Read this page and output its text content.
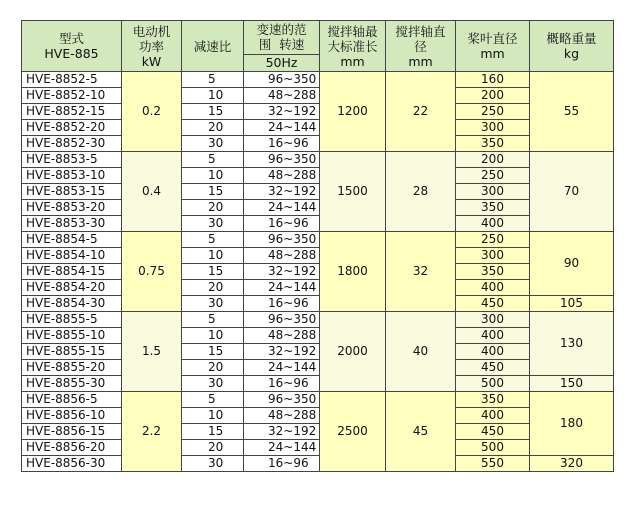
型式
HVE-885	电动机
功率
kW	减速比	变速的范
围  转速
50Hz	搅拌轴最
大标准长
mm	搅拌轴直
径
mm	桨叶直径
mm	概略重量
kg

HVE-8852-5	0.2	5	96~350	1200	22	160	55
HVE-8852-10		10	48~288			200	
HVE-8852-15		15	32~192			250	
HVE-8852-20		20	24~144			300	
HVE-8852-30		30	16~96			350	
HVE-8853-5	0.4	5	96~350	1500	28	200	70
HVE-8853-10		10	48~288			250	
HVE-8853-15		15	32~192			300	
HVE-8853-20		20	24~144			350	
HVE-8853-30		30	16~96			400	
HVE-8854-5	0.75	5	96~350	1800	32	250	90
HVE-8854-10		10	48~288			300	
HVE-8854-15		15	32~192			350	
HVE-8854-20		20	24~144			400	
HVE-8854-30		30	16~96			450	105
HVE-8855-5	1.5	5	96~350	2000	40	300	130
HVE-8855-10		10	48~288			400	
HVE-8855-15		15	32~192			400	
HVE-8855-20		20	24~144			450	
HVE-8855-30		30	16~96			500	150
HVE-8856-5	2.2	5	96~350	2500	45	350	180
HVE-8856-10		10	48~288			400	
HVE-8856-15		15	32~192			450	
HVE-8856-20		20	24~144			500	
HVE-8856-30		30	16~96			550	320
